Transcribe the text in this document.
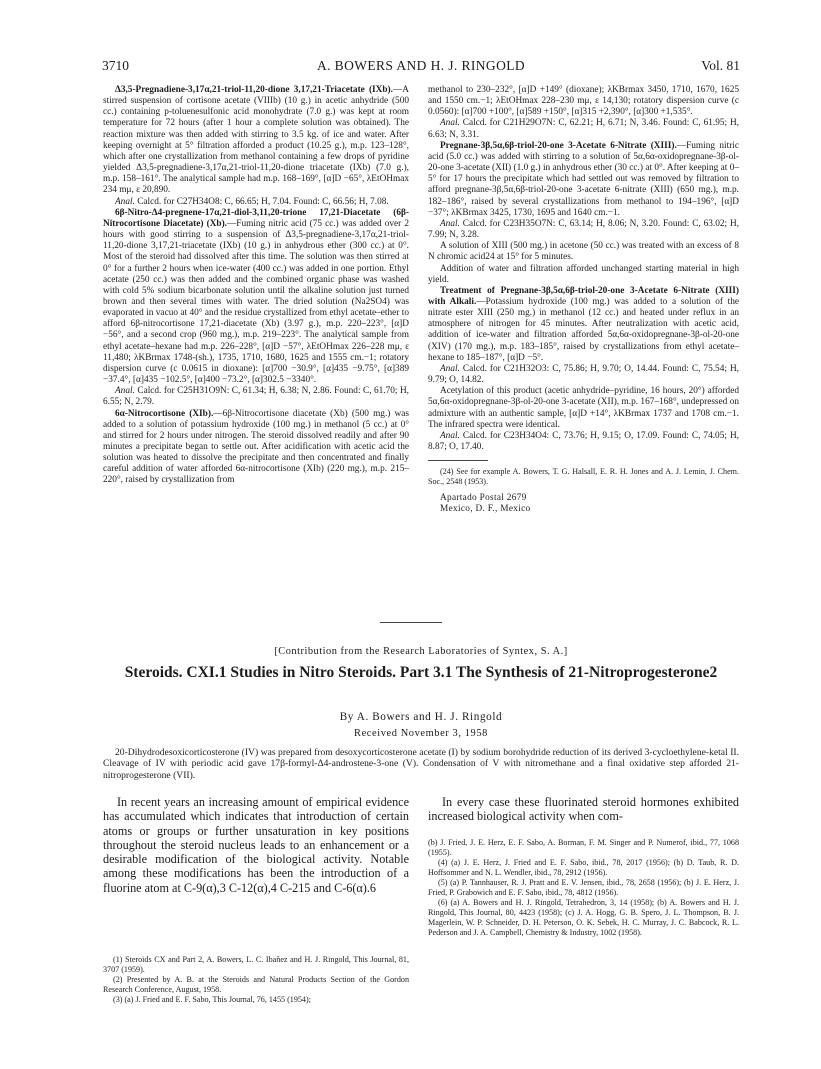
3710	A. BOWERS AND H. J. RINGOLD	Vol. 81

Δ3,5-Pregnadiene-3,17α,21-triol-11,20-dione 3,17,21-Triacetate (IXb).—A stirred suspension of cortisone acetate (VIIIb) (10 g.) in acetic anhydride (500 cc.) containing p-toluenesulfonic acid monohydrate (7.0 g.) was kept at room temperature for 72 hours (after 1 hour a complete solution was obtained). The reaction mixture was then added with stirring to 3.5 kg. of ice and water. After keeping overnight at 5° filtration afforded a product (10.25 g.), m.p. 123–128°, which after one crystallization from methanol containing a few drops of pyridine yielded Δ3,5-pregnadiene-3,17α,21-triol-11,20-dione triacetate (IXb) (7.0 g.), m.p. 158–161°. The analytical sample had m.p. 168–169°, [α]D −65°, λEtOHmax 234 mμ, ε 20,890.

Anal. Calcd. for C27H34O8: C, 66.65; H, 7.04. Found: C, 66.56; H, 7.08.

6β-Nitro-Δ4-pregnene-17α,21-diol-3,11,20-trione 17,21-Diacetate (6β-Nitrocortisone Diacetate) (Xb).—Fuming nitric acid (75 cc.) was added over 2 hours with good stirring to a suspension of Δ3,5-pregnadiene-3,17α,21-triol-11,20-dione 3,17,21-triacetate (IXb) (10 g.) in anhydrous ether (300 cc.) at 0°. Most of the steroid had dissolved after this time. The solution was then stirred at 0° for a further 2 hours when ice-water (400 cc.) was added in one portion. Ethyl acetate (250 cc.) was then added and the combined organic phase was washed with cold 5% sodium bicarbonate solution until the alkaline solution just turned brown and then several times with water. The dried solution (Na2SO4) was evaporated in vacuo at 40° and the residue crystallized from ethyl acetate–ether to afford 6β-nitrocortisone 17,21-diacetate (Xb) (3.97 g.), m.p. 220–223°, [α]D −56°, and a second crop (960 mg.), m.p. 219–223°. The analytical sample from ethyl acetate–hexane had m.p. 226–228°, [α]D −57°, λEtOHmax 226–228 mμ, ε 11,480; λKBrmax 1748-(sh.), 1735, 1710, 1680, 1625 and 1555 cm.−1; rotatory dispersion curve (c 0.0615 in dioxane): [α]700 −30.9°, [α]435 −9.75°, [α]389 −37.4°, [α]435 −102.5°, [α]400 −73.2°, [α]302.5 −3340°.

Anal. Calcd. for C25H31O9N: C, 61.34; H, 6.38; N, 2.86. Found: C, 61.70; H, 6.55; N, 2.79.

6α-Nitrocortisone (XIb).—6β-Nitrocortisone diacetate (Xb) (500 mg.) was added to a solution of potassium hydroxide (100 mg.) in methanol (5 cc.) at 0° and stirred for 2 hours under nitrogen. The steroid dissolved readily and after 90 minutes a precipitate began to settle out. After acidification with acetic acid the solution was heated to dissolve the precipitate and then concentrated and finally careful addition of water afforded 6α-nitrocortisone (XIb) (220 mg.), m.p. 215–220°, raised by crystallization from

methanol to 230–232°, [α]D +149° (dioxane); λKBrmax 3450, 1710, 1670, 1625 and 1550 cm.−1; λEtOHmax 228–230 mμ, ε 14,130; rotatory dispersion curve (c 0.0560): [α]700 +100°, [α]589 +150°, [α]315 +2,390°, [α]300 +1,535°.

Anal. Calcd. for C21H29O7N: C, 62.21; H, 6.71; N, 3.46. Found: C, 61.95; H, 6.63; N, 3.31.

Pregnane-3β,5α,6β-triol-20-one 3-Acetate 6-Nitrate (XIII).—Fuming nitric acid (5.0 cc.) was added with stirring to a solution of 5α,6α-oxidopregnane-3β-ol-20-one 3-acetate (XII) (1.0 g.) in anhydrous ether (30 cc.) at 0°. After keeping at 0–5° for 17 hours the precipitate which had settled out was removed by filtration to afford pregnane-3β,5α,6β-triol-20-one 3-acetate 6-nitrate (XIII) (650 mg.), m.p. 182–186°, raised by several crystallizations from methanol to 194–196°, [α]D −37°; λKBrmax 3425, 1730, 1695 and 1640 cm.−1.

Anal. Calcd. for C23H35O7N: C, 63.14; H, 8.06; N, 3.20. Found: C, 63.02; H, 7.99; N, 3.28.

A solution of XIII (500 mg.) in acetone (50 cc.) was treated with an excess of 8 N chromic acid24 at 15° for 5 minutes.

Addition of water and filtration afforded unchanged starting material in high yield.

Treatment of Pregnane-3β,5α,6β-triol-20-one 3-Acetate 6-Nitrate (XIII) with Alkali.—Potassium hydroxide (100 mg.) was added to a solution of the nitrate ester XIII (250 mg.) in methanol (12 cc.) and heated under reflux in an atmosphere of nitrogen for 45 minutes. After neutralization with acetic acid, addition of ice-water and filtration afforded 5α,6α-oxidopregnane-3β-ol-20-one (XIV) (170 mg.), m.p. 183–185°, raised by crystallizations from ethyl acetate–hexane to 185–187°, [α]D −5°.

Anal. Calcd. for C21H32O3: C, 75.86; H, 9.70; O, 14.44. Found: C, 75.54; H, 9.79; O, 14.82.

Acetylation of this product (acetic anhydride–pyridine, 16 hours, 20°) afforded 5α,6α-oxidopregnane-3β-ol-20-one 3-acetate (XII), m.p. 167–168°, undepressed on admixture with an authentic sample, [α]D +14°, λKBrmax 1737 and 1708 cm.−1. The infrared spectra were identical.

Anal. Calcd. for C23H34O4: C, 73.76; H, 9.15; O, 17.09. Found: C, 74.05; H, 8.87; O, 17.40.

(24) See for example A. Bowers, T. G. Halsall, E. R. H. Jones and A. J. Lemin, J. Chem. Soc., 2548 (1953).

Apartado Postal 2679
Mexico, D. F., Mexico
[Contribution from the Research Laboratories of Syntex, S. A.]
Steroids. CXI.1 Studies in Nitro Steroids. Part 3.1 The Synthesis of 21-Nitroprogesterone2
By A. Bowers and H. J. Ringold
Received November 3, 1958
20-Dihydrodesoxicorticosterone (IV) was prepared from desoxycorticosterone acetate (I) by sodium borohydride reduction of its derived 3-cycloethylene-ketal II. Cleavage of IV with periodic acid gave 17β-formyl-Δ4-androstene-3-one (V). Condensation of V with nitromethane and a final oxidative step afforded 21-nitroprogesterone (VII).
In recent years an increasing amount of empirical evidence has accumulated which indicates that introduction of certain atoms or groups or further unsaturation in key positions throughout the steroid nucleus leads to an enhancement or a desirable modification of the biological activity. Notable among these modifications has been the introduction of a fluorine atom at C-9(α),3 C-12(α),4 C-215 and C-6(α).6
In every case these fluorinated steroid hormones exhibited increased biological activity when com-

(1) Steroids CX and Part 2, A. Bowers, L. C. Ibañez and H. J. Ringold, This Journal, 81, 3707 (1959).

(2) Presented by A. B. at the Steroids and Natural Products Section of the Gordon Research Conference, August, 1958.

(3) (a) J. Fried and E. F. Sabo, This Journal, 76, 1455 (1954);

(b) J. Fried, J. E. Herz, E. F. Sabo, A. Borman, F. M. Singer and P. Numerof, ibid., 77, 1068 (1955).

(4) (a) J. E. Herz, J. Fried and E. F. Sabo, ibid., 78, 2017 (1956); (b) D. Taub, R. D. Hoffsommer and N. L. Wendler, ibid., 78, 2912 (1956).

(5) (a) P. Tannhauser, R. J. Pratt and E. V. Jensen, ibid., 78, 2658 (1956); (b) J. E. Herz, J. Fried, P. Grabowich and E. F. Sabo, ibid., 78, 4812 (1956).

(6) (a) A. Bowers and H. J. Ringold, Tetrahedron, 3, 14 (1958); (b) A. Bowers and H. J. Ringold, This Journal, 80, 4423 (1958); (c) J. A. Hogg, G. B. Spero, J. L. Thompson, B. J. Magerlein, W. P. Schneider, D. H. Peterson, O. K. Sebek, H. C. Murray, J. C. Babcock, R. L. Pederson and J. A. Campbell, Chemistry & Industry, 1002 (1958).
